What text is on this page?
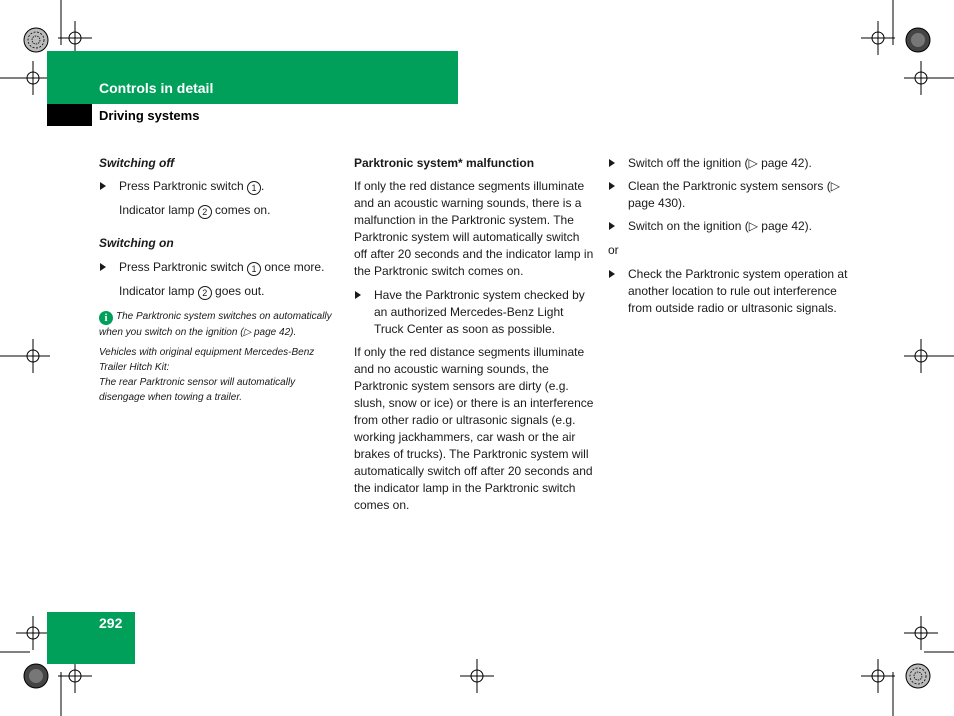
Controls in detail
Driving systems
Switching off
Press Parktronic switch 1 .
Indicator lamp 2 comes on.
Switching on
Press Parktronic switch 1 once more.
Indicator lamp 2 goes out.
i The Parktronic system switches on automatically when you switch on the ignition (▷ page 42).
Vehicles with original equipment Mercedes-Benz Trailer Hitch Kit:
The rear Parktronic sensor will automatically disengage when towing a trailer.
Parktronic system* malfunction
If only the red distance segments illuminate and an acoustic warning sounds, there is a malfunction in the Parktronic system. The Parktronic system will automatically switch off after 20 seconds and the indicator lamp in the Parktronic switch comes on.
Have the Parktronic system checked by an authorized Mercedes-Benz Light Truck Center as soon as possible.
If only the red distance segments illuminate and no acoustic warning sounds, the Parktronic system sensors are dirty (e.g. slush, snow or ice) or there is an interference from other radio or ultrasonic signals (e.g. working jackhammers, car wash or the air brakes of trucks). The Parktronic system will automatically switch off after 20 seconds and the indicator lamp in the Parktronic switch comes on.
Switch off the ignition (▷ page 42).
Clean the Parktronic system sensors (▷ page 430).
Switch on the ignition (▷ page 42).
or
Check the Parktronic system operation at another location to rule out interference from outside radio or ultrasonic signals.
292
